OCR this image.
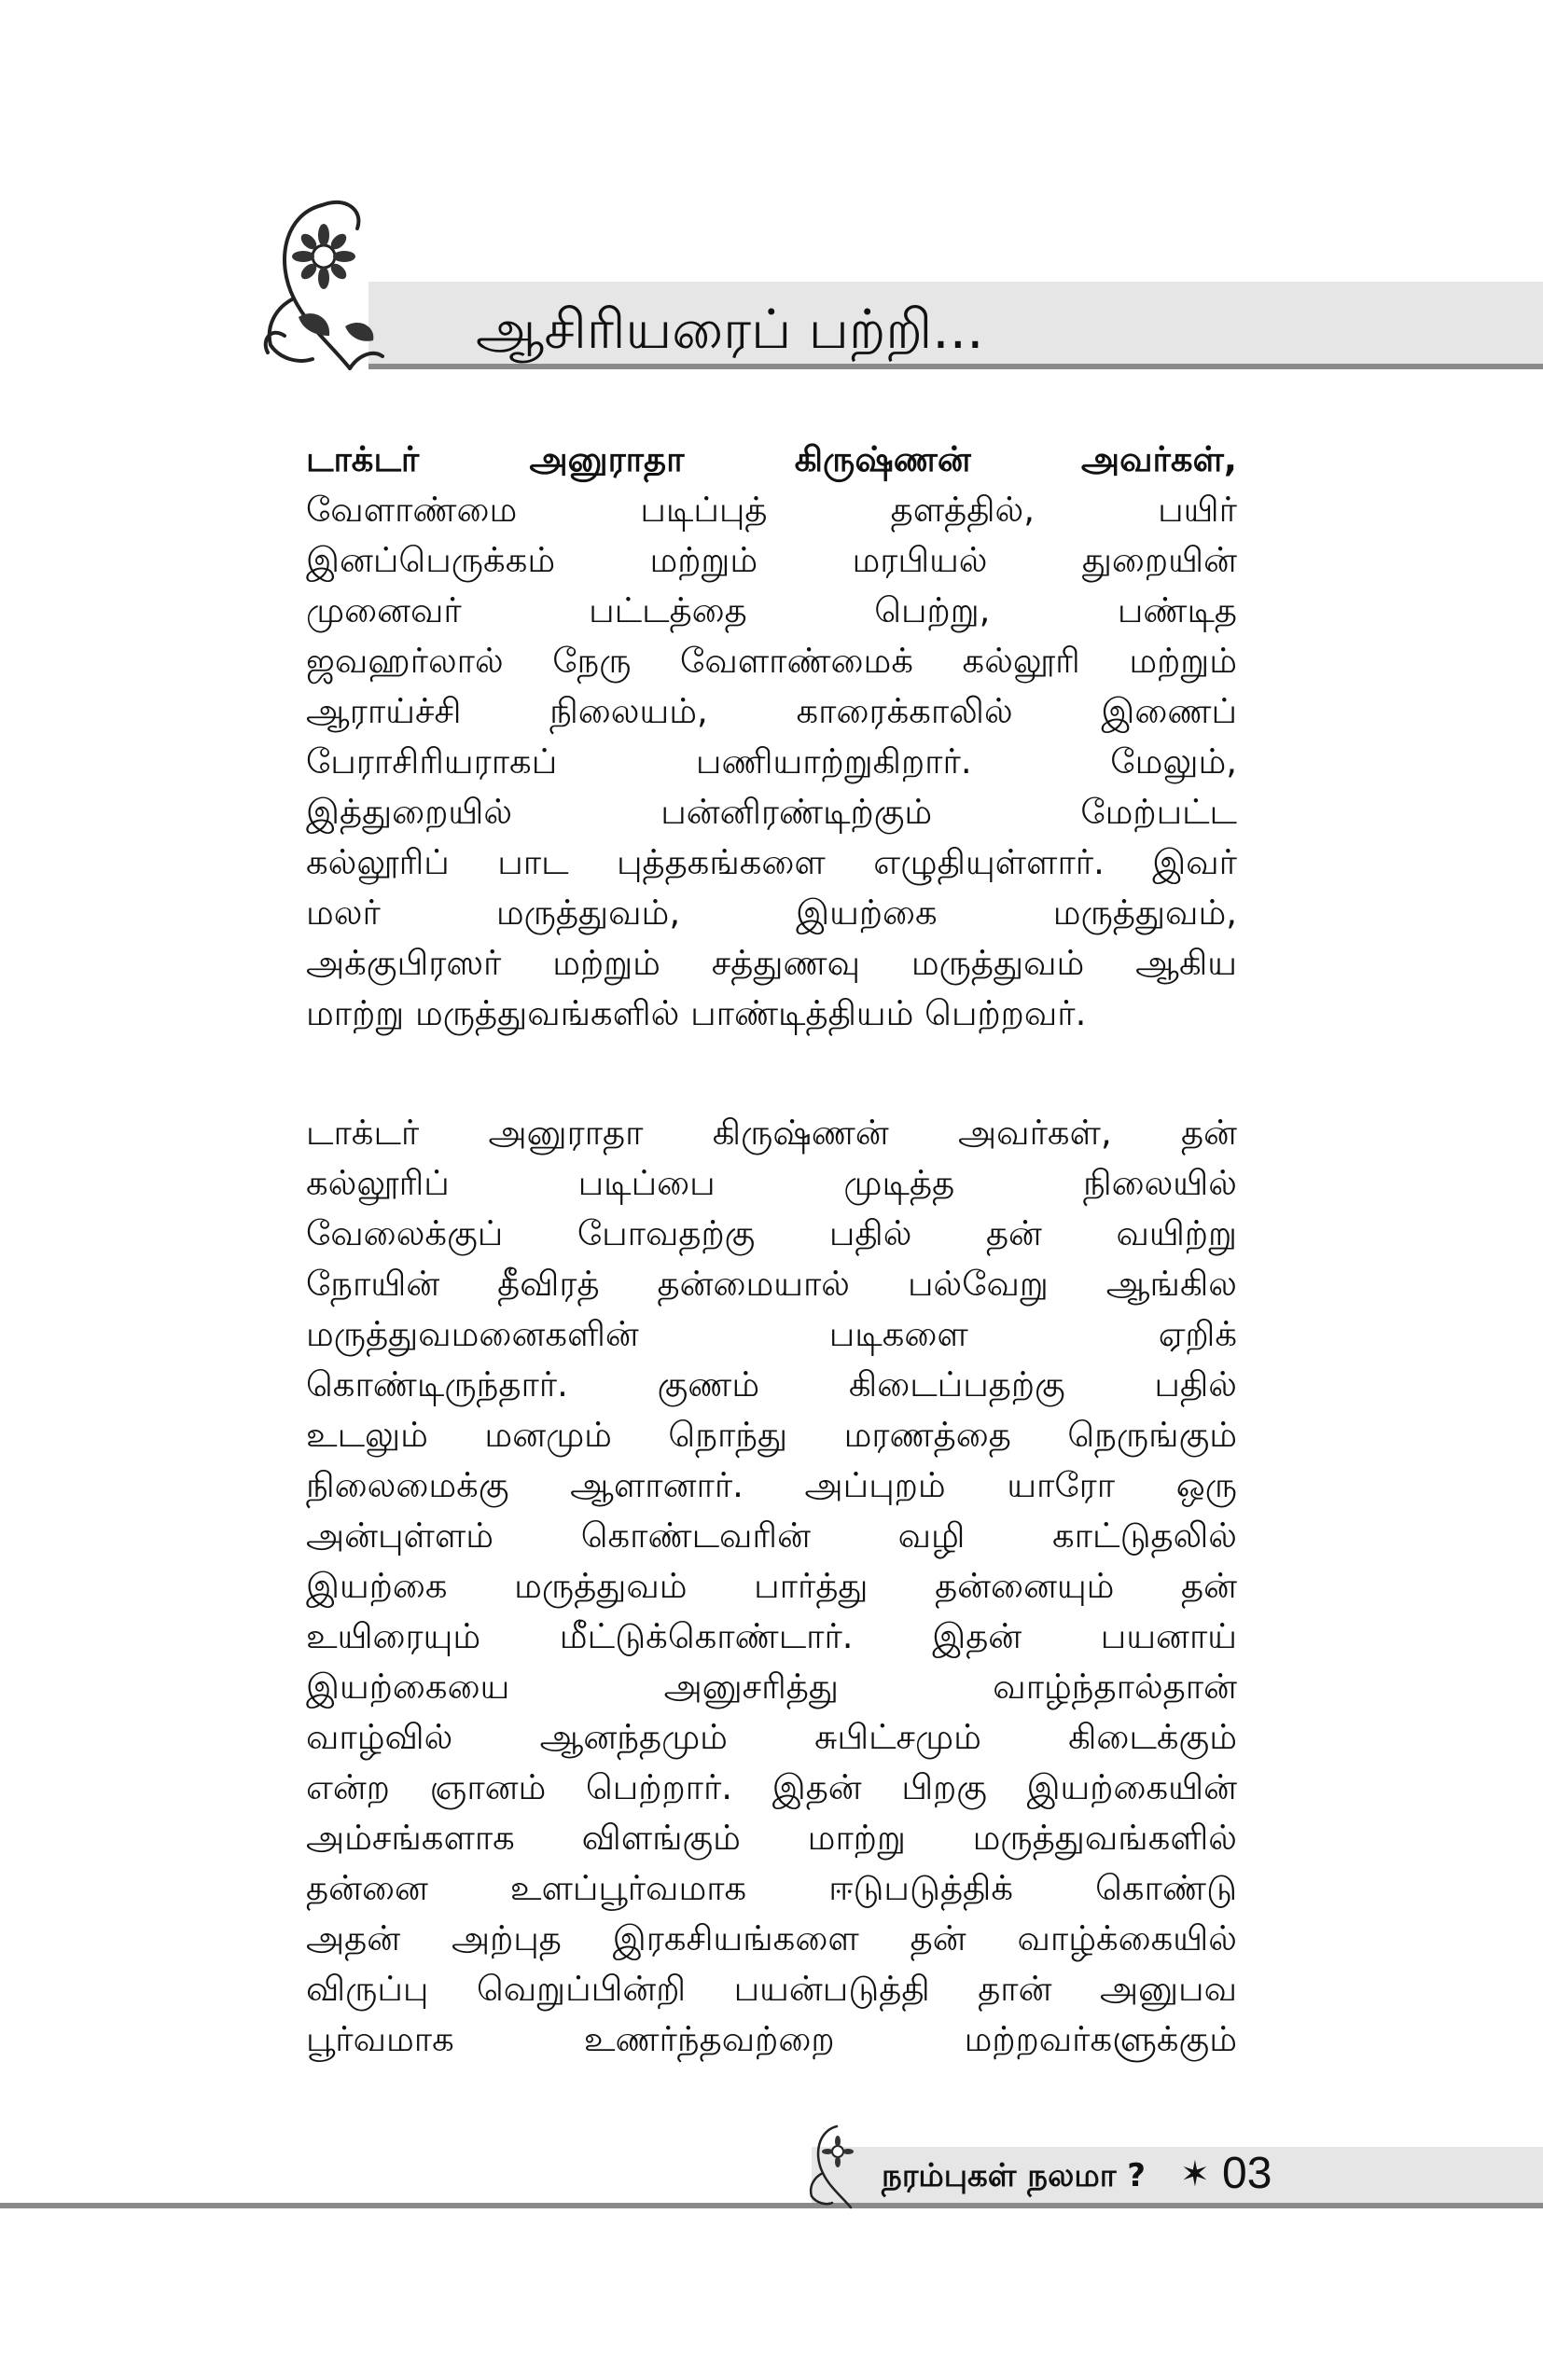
ஆசிரியரைப் பற்றி...
டாக்டர் அனுராதா கிருஷ்ணன் அவர்கள்,
வேளாண்மை படிப்புத் தளத்தில், பயிர்
இனப்பெருக்கம் மற்றும் மரபியல் துறையின்
முனைவர் பட்டத்தை பெற்று, பண்டித
ஜவஹர்லால் நேரு வேளாண்மைக் கல்லூரி மற்றும்
ஆராய்ச்சி நிலையம், காரைக்காலில் இணைப்
பேராசிரியராகப் பணியாற்றுகிறார். மேலும்,
இத்துறையில் பன்னிரண்டிற்கும் மேற்பட்ட
கல்லூரிப் பாட புத்தகங்களை எழுதியுள்ளார். இவர்
மலர் மருத்துவம், இயற்கை மருத்துவம்,
அக்குபிரஸர் மற்றும் சத்துணவு மருத்துவம் ஆகிய
மாற்று மருத்துவங்களில் பாண்டித்தியம் பெற்றவர்.
டாக்டர் அனுராதா கிருஷ்ணன் அவர்கள், தன்
கல்லூரிப் படிப்பை முடித்த நிலையில்
வேலைக்குப் போவதற்கு பதில் தன் வயிற்று
நோயின் தீவிரத் தன்மையால் பல்வேறு ஆங்கில
மருத்துவமனைகளின் படிகளை ஏறிக்
கொண்டிருந்தார். குணம் கிடைப்பதற்கு பதில்
உடலும் மனமும் நொந்து மரணத்தை நெருங்கும்
நிலைமைக்கு ஆளானார். அப்புறம் யாரோ ஒரு
அன்புள்ளம் கொண்டவரின் வழி காட்டுதலில்
இயற்கை மருத்துவம் பார்த்து தன்னையும் தன்
உயிரையும் மீட்டுக்கொண்டார். இதன் பயனாய்
இயற்கையை அனுசரித்து வாழ்ந்தால்தான்
வாழ்வில் ஆனந்தமும் சுபிட்சமும் கிடைக்கும்
என்ற ஞானம் பெற்றார். இதன் பிறகு இயற்கையின்
அம்சங்களாக விளங்கும் மாற்று மருத்துவங்களில்
தன்னை உளப்பூர்வமாக ஈடுபடுத்திக் கொண்டு
அதன் அற்புத இரகசியங்களை தன் வாழ்க்கையில்
விருப்பு வெறுப்பின்றி பயன்படுத்தி தான் அனுபவ
பூர்வமாக உணர்ந்தவற்றை மற்றவர்களுக்கும்
நரம்புகள் நலமா ? ✶ 03
